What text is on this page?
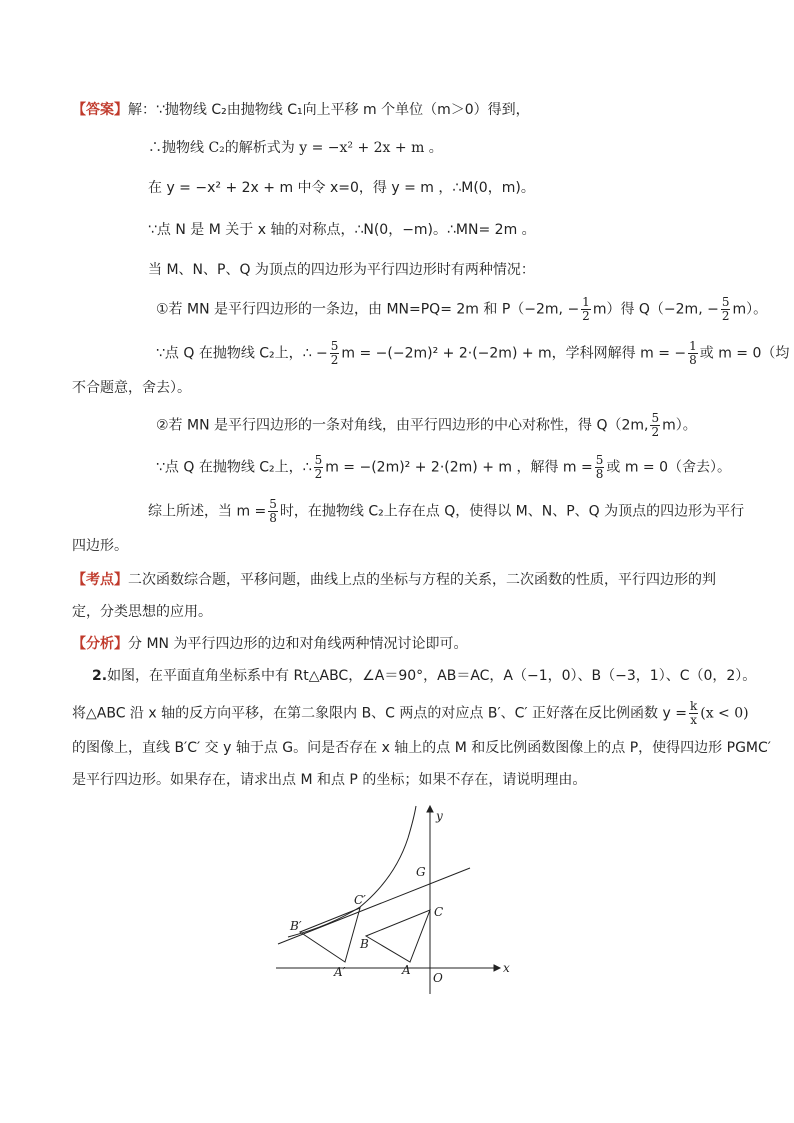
【答案】解：∵抛物线 C₂由抛物线 C₁向上平移 m 个单位（m＞0）得到，
∴抛物线 C₂的解析式为 y = −x² + 2x + m 。
在 y = −x² + 2x + m 中令 x=0，得 y = m ，∴M(0，m)。
∵点 N 是 M 关于 x 轴的对称点，∴N(0，−m)。∴MN= 2m 。
当 M、N、P、Q 为顶点的四边形为平行四边形时有两种情况：
①若 MN 是平行四边形的一条边，由 MN=PQ= 2m 和 P（−2m, − $\frac{1}{2} m$）得 Q（−2m, − $\frac{5}{2} m$）。
∵点 Q 在抛物线 C₂上，∴ − $\frac{5}{2}$ m = −(−2m)² + 2·(−2m) + m，学科网解得 m = − $\frac{1}{8}$ 或 m = 0（均
不合题意，舍去）。
②若 MN 是平行四边形的一条对角线，由平行四边形的中心对称性，得 Q（2m, $\frac{5}{2} m$）。
∵点 Q 在抛物线 C₂上，∴ $\frac{5}{2}$ m = −(2m)² + 2·(2m) + m ，解得 $m = \frac{5}{8}$ 或 m = 0（舍去）。
综上所述，当 $m = \frac{5}{8}$ 时，在抛物线 C₂上存在点 Q，使得以 M、N、P、Q 为顶点的四边形为平行
四边形。
【考点】二次函数综合题，平移问题，曲线上点的坐标与方程的关系，二次函数的性质，平行四边形的判
定，分类思想的应用。
【分析】分 MN 为平行四边形的边和对角线两种情况讨论即可。
2.如图，在平面直角坐标系中有 Rt△ABC，∠A＝90°，AB＝AC，A（−1，0）、B（−3，1）、C（0，2）。
将△ABC 沿 x 轴的反方向平移，在第二象限内 B、C 两点的对应点 B′、C′ 正好落在反比例函数 $y = \frac{k}{x} (x < 0)$
的图像上，直线 B′C′ 交 y 轴于点 G。问是否存在 x 轴上的点 M 和反比例函数图像上的点 P，使得四边形 PGMC′
是平行四边形。如果存在，请求出点 M 和点 P 的坐标；如果不存在，请说明理由。
y
x
O
G
C
C′
B′
B
A
A′
